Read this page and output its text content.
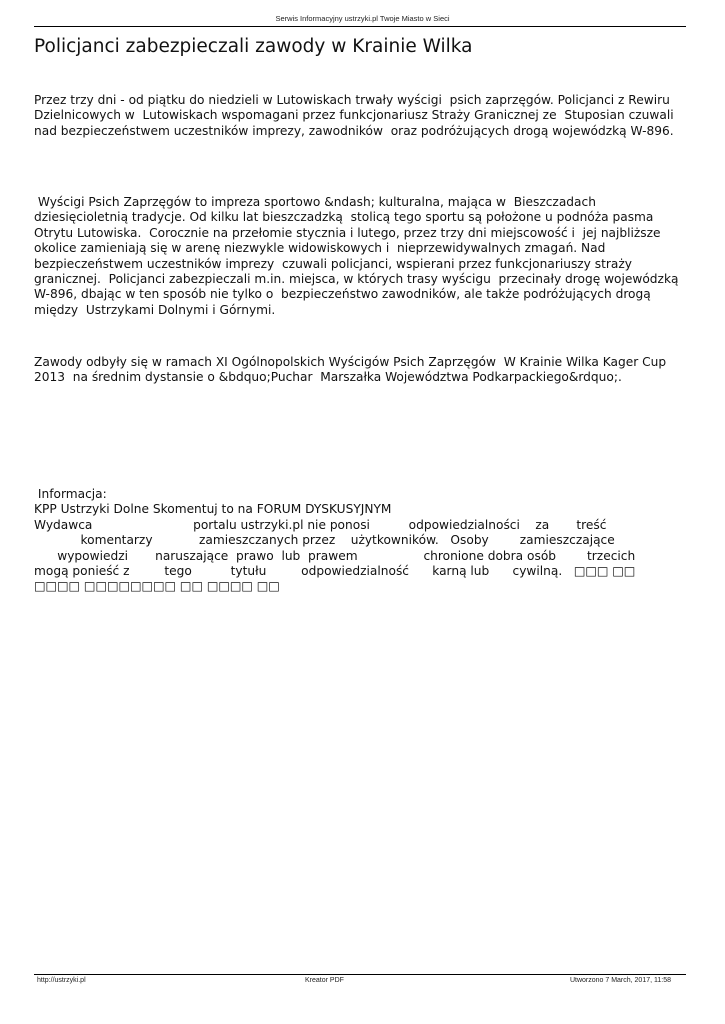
Serwis Informacyjny ustrzyki.pl Twoje Miasto w Sieci
Policjanci zabezpieczali zawody w Krainie Wilka
Przez trzy dni - od piątku do niedzieli w Lutowiskach trwały wyścigi  psich zaprzęgów. Policjanci z Rewiru
Dzielnicowych w  Lutowiskach wspomagani przez funkcjonariusz Straży Granicznej ze  Stuposian czuwali
nad bezpieczeństwem uczestników imprezy, zawodników  oraz podróżujących drogą wojewódzką W-896.
Wyścigi Psich Zaprzęgów to impreza sportowo &ndash; kulturalna, mająca w  Bieszczadach
dziesięcioletnią tradycje. Od kilku lat bieszczadzką  stolicą tego sportu są położone u podnóża pasma
Otrytu Lutowiska.  Corocznie na przełomie stycznia i lutego, przez trzy dni miejscowość i  jej najbliższe
okolice zamieniają się w arenę niezwykle widowiskowych i  nieprzewidywalnych zmagań. Nad
bezpieczeństwem uczestników imprezy  czuwali policjanci, wspierani przez funkcjonariuszy straży
granicznej.  Policjanci zabezpieczali m.in. miejsca, w których trasy wyścigu  przecinały drogę wojewódzką
W-896, dbając w ten sposób nie tylko o  bezpieczeństwo zawodników, ale także podróżujących drogą
między  Ustrzykami Dolnymi i Górnymi.
Zawody odbyły się w ramach XI Ogólnopolskich Wyścigów Psich Zaprzęgów  W Krainie Wilka Kager Cup
2013  na średnim dystansie o &bdquo;Puchar  Marszałka Województwa Podkarpackiego&rdquo;.
Informacja:
KPP Ustrzyki Dolne Skomentuj to na FORUM DYSKUSYJNYM
Wydawca                          portalu ustrzyki.pl nie ponosi          odpowiedzialności    za       treść
komentarzy            zamieszczanych przez    użytkowników.   Osoby        zamieszczające
wypowiedzi       naruszające  prawo  lub  prawem                 chronione dobra osób        trzecich
mogą ponieść z         tego          tytułu         odpowiedzialność      karną lub      cywilną.   □□□ □□
□□□□ □□□□□□□□ □□ □□□□ □□
http://ustrzyki.pl	Kreator PDF	Utworzono 7 March, 2017, 11:58
